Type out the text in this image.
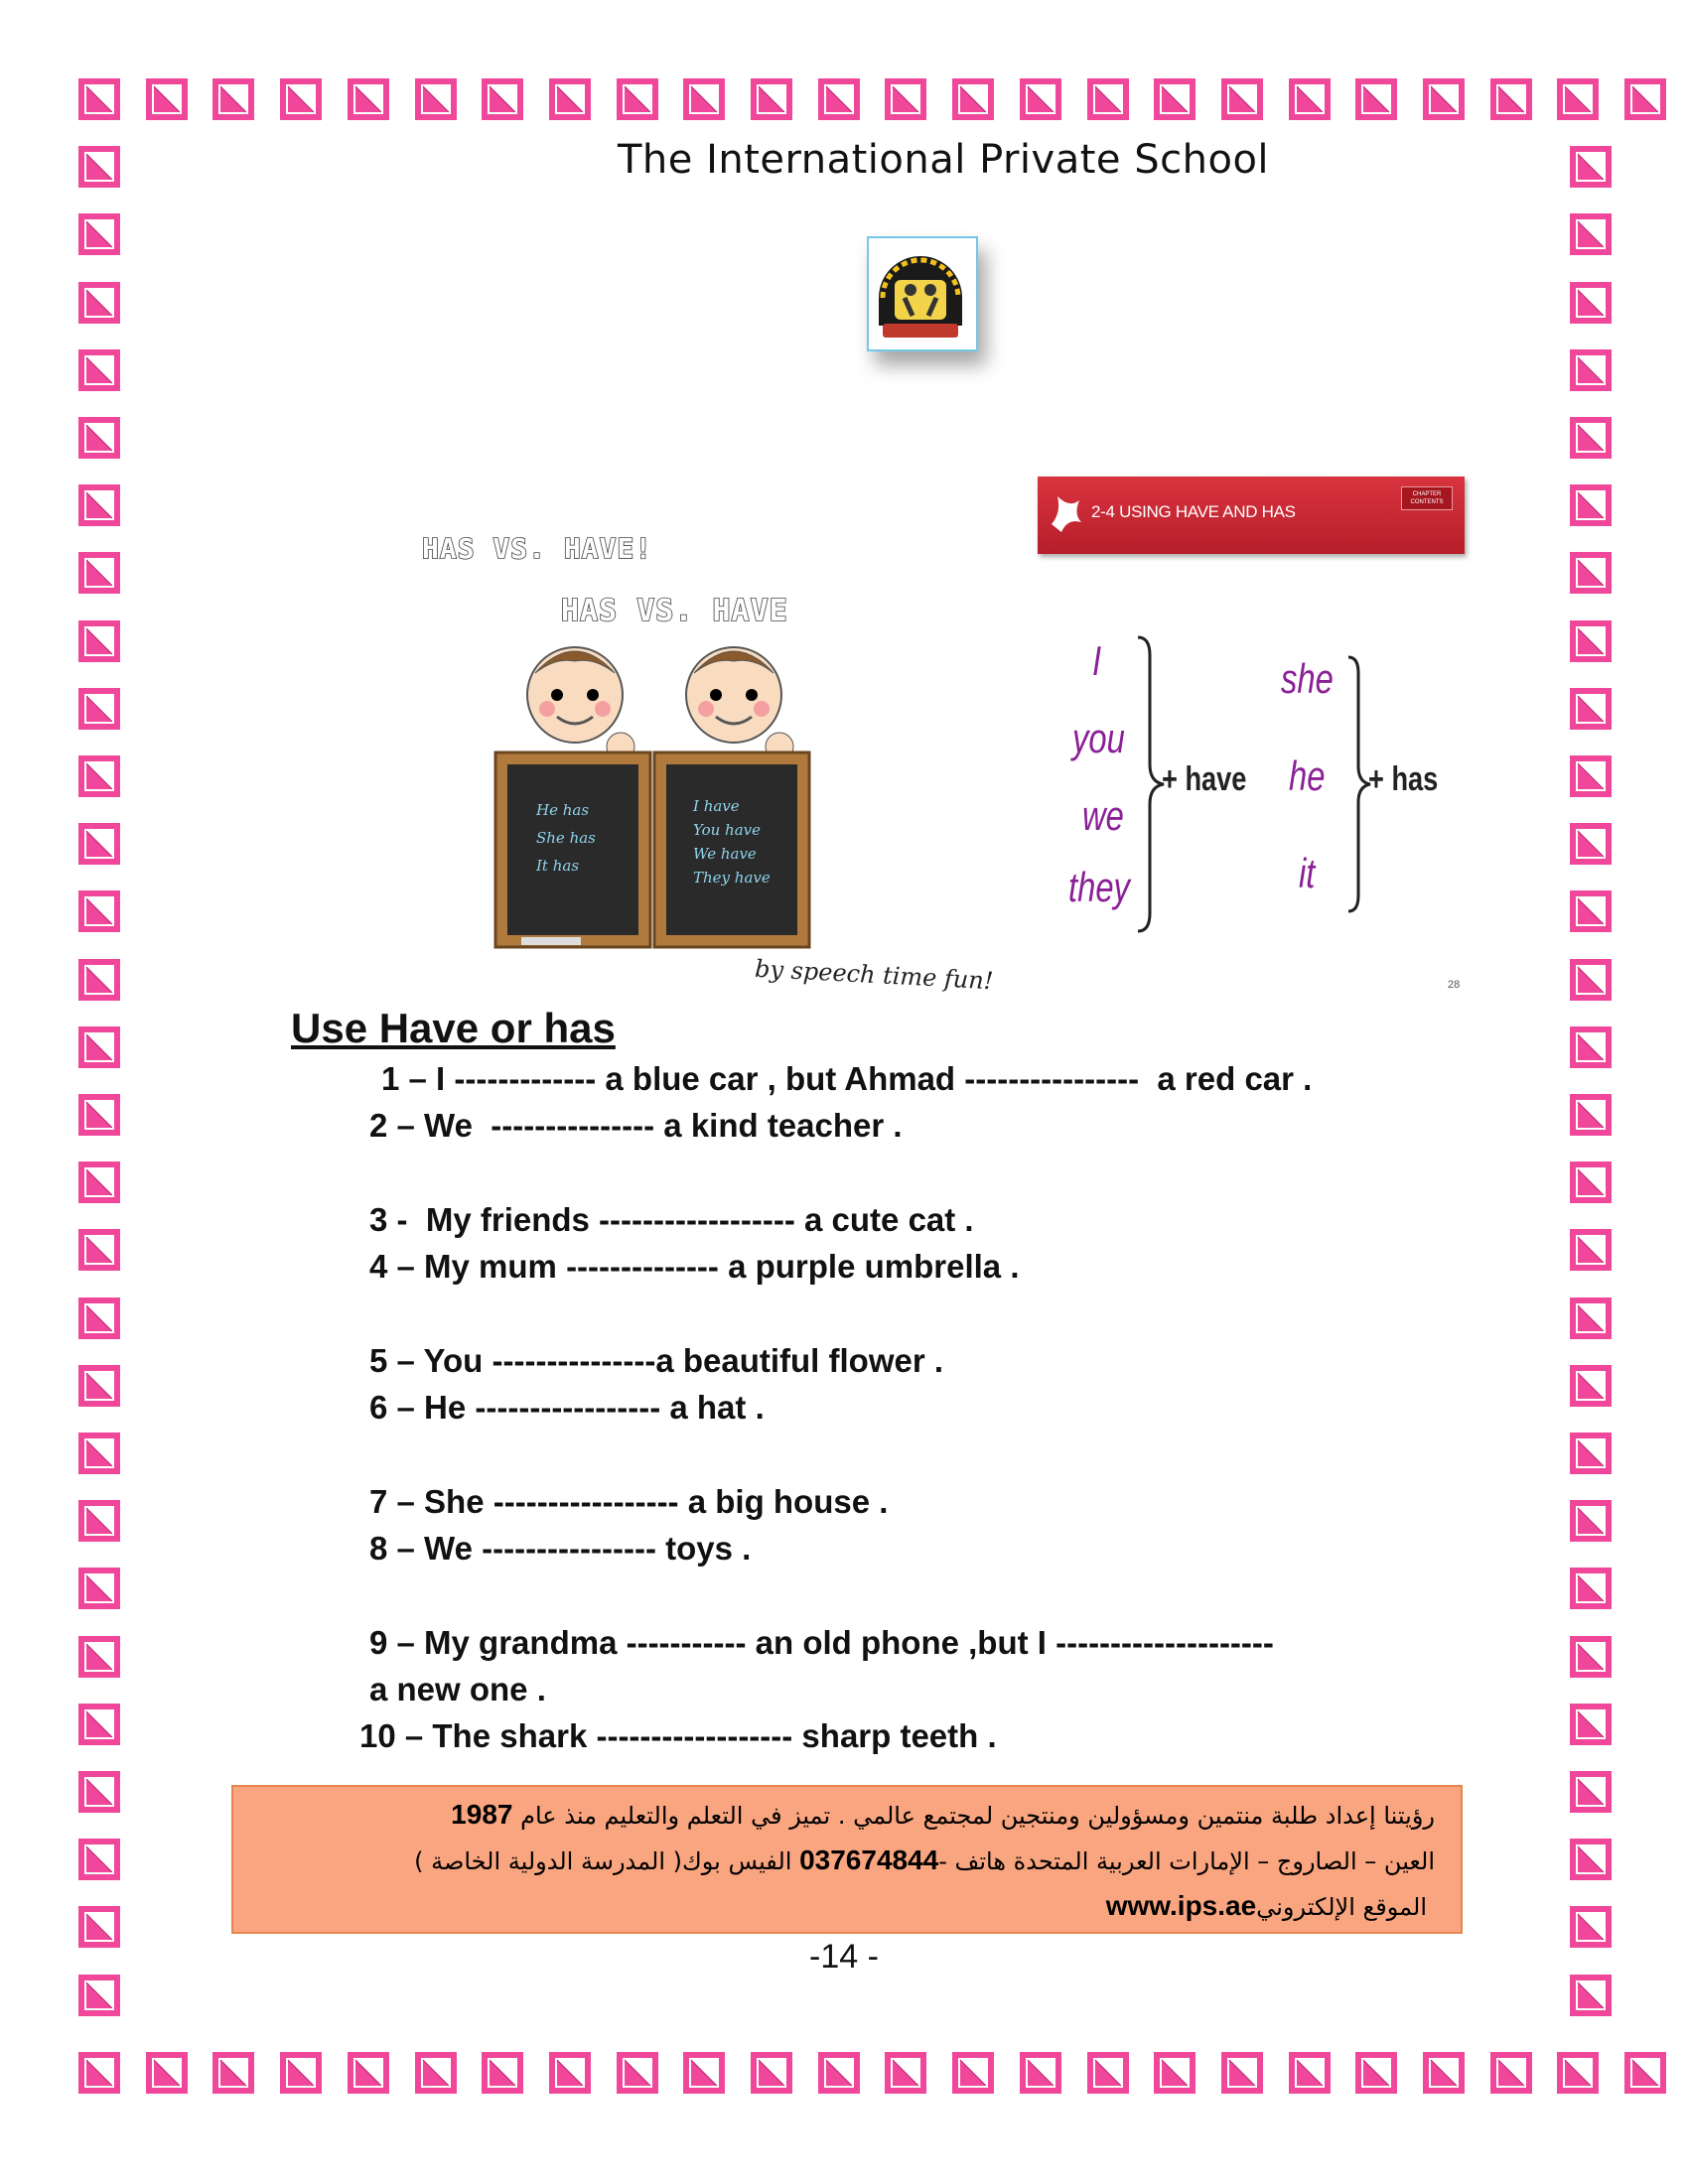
The International Private School
HAS VS. HAVE!
HAS VS. HAVE
He has
She has
It has
I have
You have
We have
They have
by speech time fun!
2-4 USING HAVE AND HAS
CHAPTER CONTENTS
I
you
we
they
+ have
she
he
it
+ has
28
Use Have or has
1 – I ------------- a blue car , but Ahmad ----------------  a red car .
2 – We  --------------- a kind teacher .
3 -  My friends ------------------ a cute cat .
4 – My mum -------------- a purple umbrella .
5 – You ---------------a beautiful flower .
6 – He ----------------- a hat .
7 – She ----------------- a big house .
8 – We ---------------- toys .
9 – My grandma ----------- an old phone ,but I --------------------
a new one .
10 – The shark ------------------ sharp teeth .
رؤيتنا إعداد طلبة منتمين ومسؤولين ومنتجين لمجتمع عالمي . تميز في التعلم والتعليم منذ عام 1987
العين – الصاروج – الإمارات العربية المتحدة هاتف -037674844 الفيس بوك( المدرسة الدولية الخاصة )
الموقع الإلكترونيwww.ips.ae
-14 -
